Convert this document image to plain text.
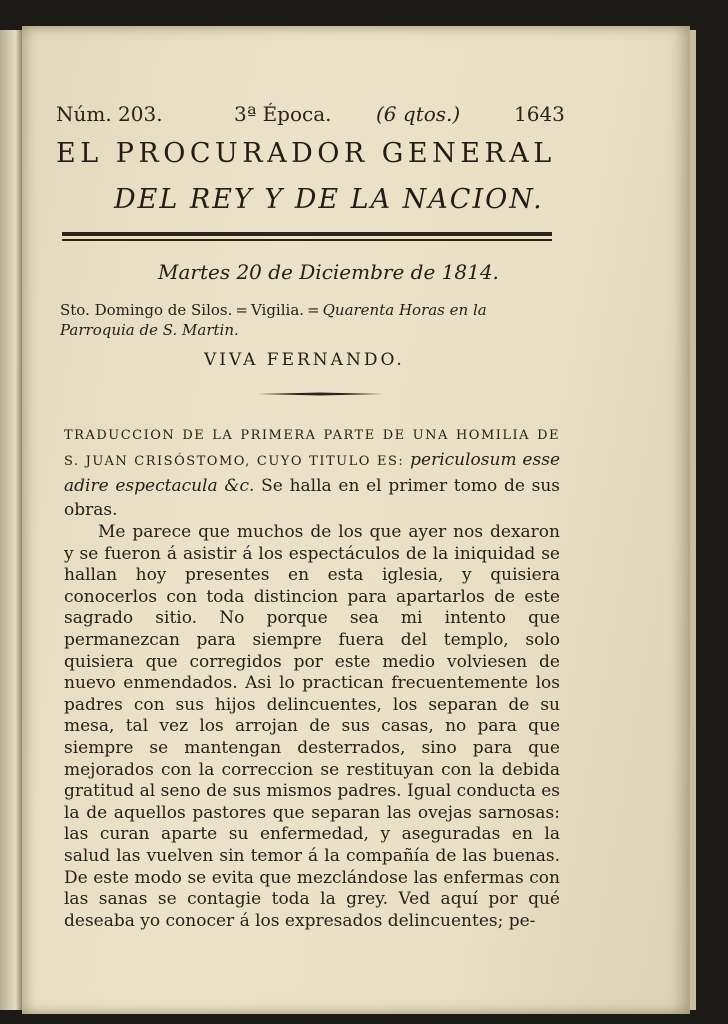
Núm. 203.	3ª Época. (6 qtos.)	1643
EL PROCURADOR GENERAL
DEL REY Y DE LA NACION.
Martes 20 de Diciembre de 1814.
Sto. Domingo de Silos. = Vigilia. = Quarenta Horas en la Parroquia de S. Martin.
VIVA FERNANDO.
TRADUCCION DE LA PRIMERA PARTE DE UNA HOMILIA DE S. JUAN CRISÓSTOMO, CUYO TITULO ES: periculosum esse adire espectacula &c. Se halla en el primer tomo de sus obras.
Me parece que muchos de los que ayer nos dexaron y se fueron á asistir á los espectáculos de la iniquidad se hallan hoy presentes en esta iglesia, y quisiera conocerlos con toda distincion para apartarlos de este sagrado sitio. No porque sea mi intento que permanezcan para siempre fuera del templo, solo quisiera que corregidos por este medio volviesen de nuevo enmendados. Asi lo practican frecuentemente los padres con sus hijos delincuentes, los separan de su mesa, tal vez los arrojan de sus casas, no para que siempre se mantengan desterrados, sino para que mejorados con la correccion se restituyan con la debida gratitud al seno de sus mismos padres. Igual conducta es la de aquellos pastores que separan las ovejas sarnosas: las curan aparte su enfermedad, y aseguradas en la salud las vuelven sin temor á la compañía de las buenas. De este modo se evita que mezclándose las enfermas con las sanas se contagie toda la grey. Ved aquí por qué deseaba yo conocer á los expresados delincuentes; pe-
